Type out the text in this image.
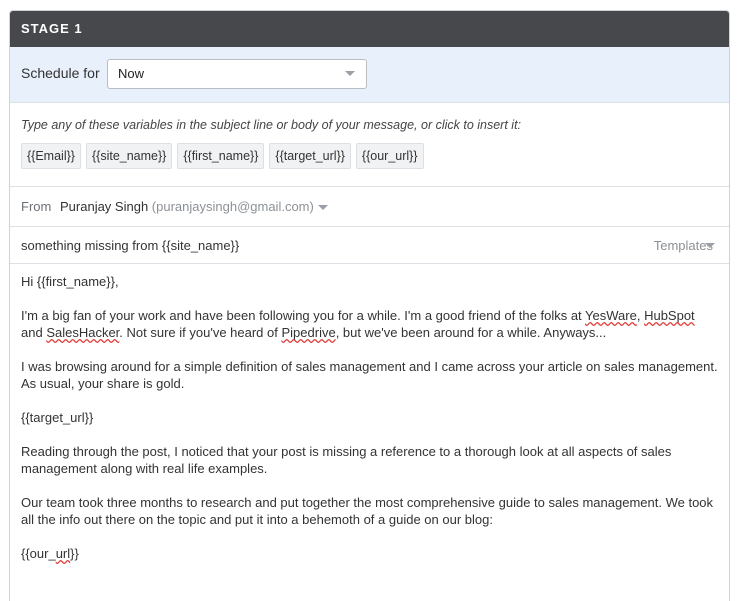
STAGE 1
Schedule for Now
Type any of these variables in the subject line or body of your message, or click to insert it:
{{Email}}	{{site_name}}	{{first_name}}	{{target_url}}	{{our_url}}
From Puranjay Singh (puranjaysingh@gmail.com)
something missing from {{site_name}}	Templates

Hi {{first_name}},

I'm a big fan of your work and have been following you for a while. I'm a good friend of the folks at YesWare, HubSpot and SalesHacker. Not sure if you've heard of Pipedrive, but we've been around for a while. Anyways...

I was browsing around for a simple definition of sales management and I came across your article on sales management. As usual, your share is gold.

{{target_url}}

Reading through the post, I noticed that your post is missing a reference to a thorough look at all aspects of sales management along with real life examples.

Our team took three months to research and put together the most comprehensive guide to sales management. We took all the info out there on the topic and put it into a behemoth of a guide on our blog:

{{our_url}}
